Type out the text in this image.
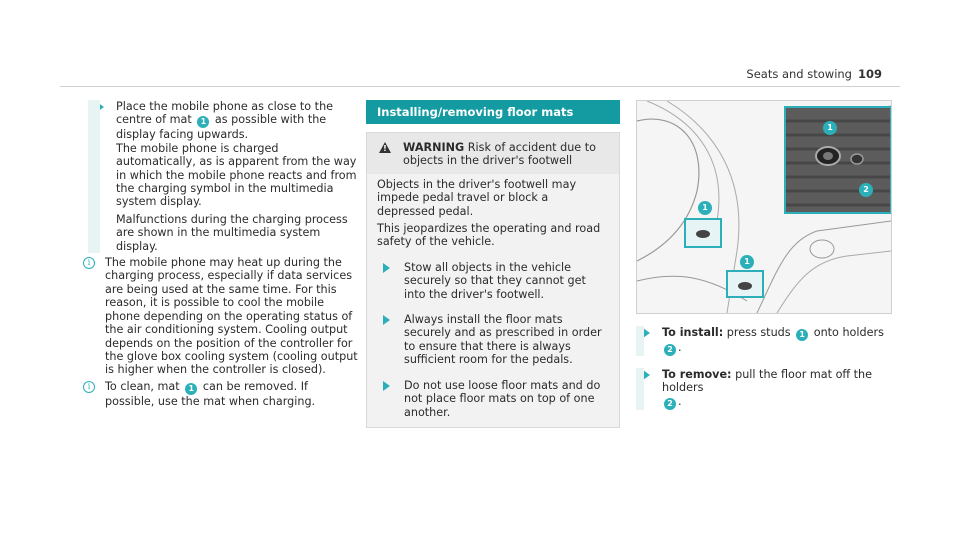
Seats and stowing 109

Place the mobile phone as close to the centre of mat 1 as possible with the display facing upwards.
The mobile phone is charged automatically, as is apparent from the way in which the mobile phone reacts and from the charging symbol in the multimedia system display.

Malfunctions during the charging process are shown in the multimedia system display.

i	The mobile phone may heat up during the charging process, especially if data services are being used at the same time. For this reason, it is possible to cool the mobile phone depending on the operating status of the air conditioning system. Cooling output depends on the position of the controller for the glove box cooling system (cooling output is higher when the controller is closed).
i	To clean, mat 1 can be removed. If possible, use the mat when charging.
Installing/removing floor mats
! WARNING Risk of accident due to objects in the driver's footwell

Objects in the driver's footwell may impede pedal travel or block a depressed pedal.

This jeopardizes the operating and road safety of the vehicle.

Stow all objects in the vehicle securely so that they cannot get into the driver's footwell.
Always install the floor mats securely and as prescribed in order to ensure that there is always sufficient room for the pedals.
Do not use loose floor mats and do not place floor mats on top of one another.
1
2
1
1
To install: press studs 1 onto holders 2 .
To remove: pull the floor mat off the holders
2 .
